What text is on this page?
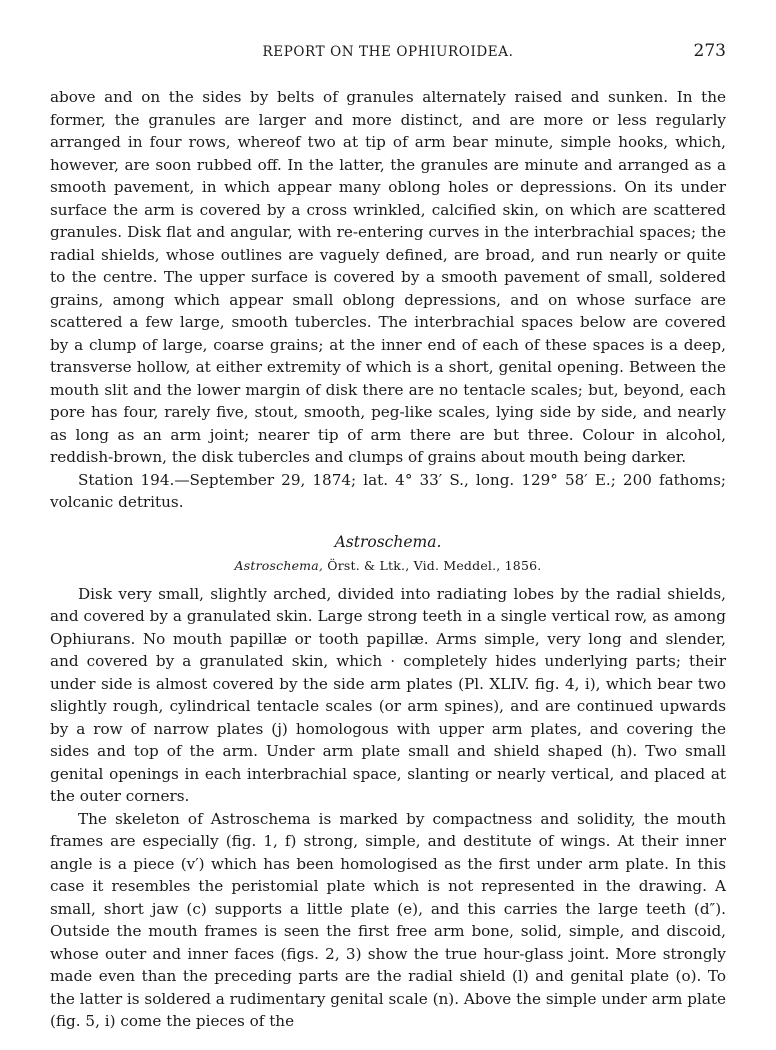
REPORT ON THE OPHIUROIDEA.	273

above and on the sides by belts of granules alternately raised and sunken. In the former, the granules are larger and more distinct, and are more or less regularly arranged in four rows, whereof two at tip of arm bear minute, simple hooks, which, however, are soon rubbed off. In the latter, the granules are minute and arranged as a smooth pavement, in which appear many oblong holes or depressions. On its under surface the arm is covered by a cross wrinkled, calcified skin, on which are scattered granules. Disk flat and angular, with re-entering curves in the interbrachial spaces; the radial shields, whose outlines are vaguely defined, are broad, and run nearly or quite to the centre. The upper surface is covered by a smooth pavement of small, soldered grains, among which appear small oblong depressions, and on whose surface are scattered a few large, smooth tubercles. The interbrachial spaces below are covered by a clump of large, coarse grains; at the inner end of each of these spaces is a deep, transverse hollow, at either extremity of which is a short, genital opening. Between the mouth slit and the lower margin of disk there are no tentacle scales; but, beyond, each pore has four, rarely five, stout, smooth, peg-like scales, lying side by side, and nearly as long as an arm joint; nearer tip of arm there are but three. Colour in alcohol, reddish-brown, the disk tubercles and clumps of grains about mouth being darker.

Station 194.—September 29, 1874; lat. 4° 33′ S., long. 129° 58′ E.; 200 fathoms; volcanic detritus.

Astroschema.
Astroschema, Örst. & Ltk., Vid. Meddel., 1856.

Disk very small, slightly arched, divided into radiating lobes by the radial shields, and covered by a granulated skin. Large strong teeth in a single vertical row, as among Ophiurans. No mouth papillæ or tooth papillæ. Arms simple, very long and slender, and covered by a granulated skin, which · completely hides underlying parts; their under side is almost covered by the side arm plates (Pl. XLIV. fig. 4, i), which bear two slightly rough, cylindrical tentacle scales (or arm spines), and are continued upwards by a row of narrow plates (j) homologous with upper arm plates, and covering the sides and top of the arm. Under arm plate small and shield shaped (h). Two small genital openings in each interbrachial space, slanting or nearly vertical, and placed at the outer corners.

The skeleton of Astroschema is marked by compactness and solidity, the mouth frames are especially (fig. 1, f) strong, simple, and destitute of wings. At their inner angle is a piece (v′) which has been homologised as the first under arm plate. In this case it resembles the peristomial plate which is not represented in the drawing. A small, short jaw (c) supports a little plate (e), and this carries the large teeth (d″). Outside the mouth frames is seen the first free arm bone, solid, simple, and discoid, whose outer and inner faces (figs. 2, 3) show the true hour-glass joint. More strongly made even than the preceding parts are the radial shield (l) and genital plate (o). To the latter is soldered a rudimentary genital scale (n). Above the simple under arm plate (fig. 5, i) come the pieces of the
